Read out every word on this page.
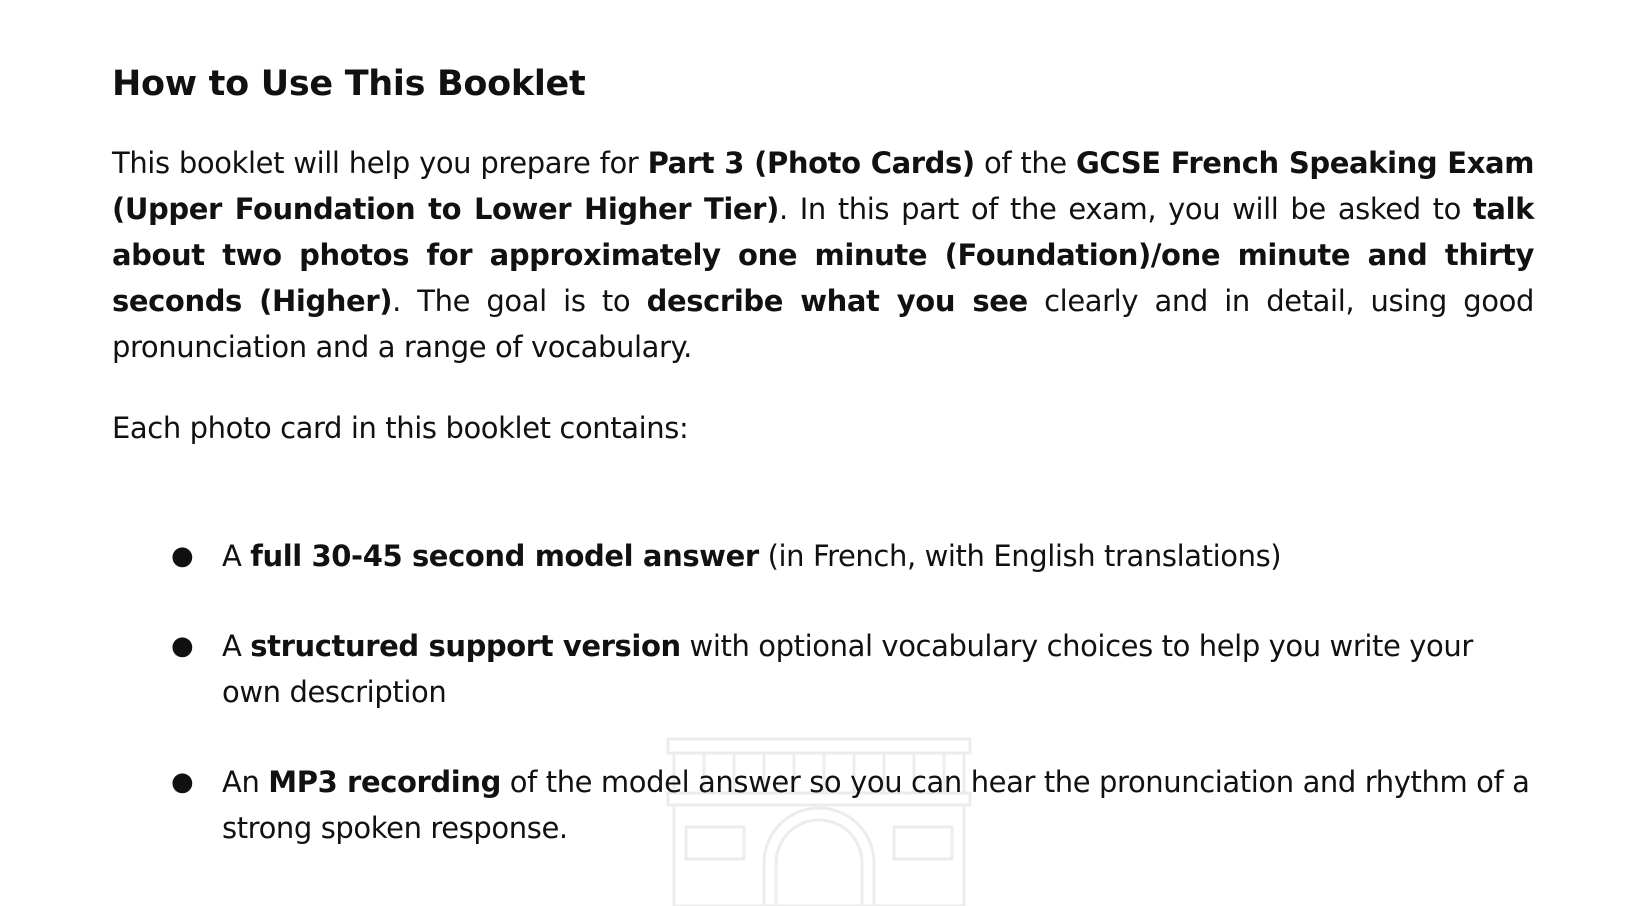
How to Use This Booklet

This booklet will help you prepare for Part 3 (Photo Cards) of the GCSE French Speaking Exam (Upper Foundation to Lower Higher Tier). In this part of the exam, you will be asked to talk about two photos for approximately one minute (Foundation)/one minute and thirty seconds (Higher). The goal is to describe what you see clearly and in detail, using good pronunciation and a range of vocabulary.

Each photo card in this booklet contains:

● A full 30-45 second model answer (in French, with English translations)
● A structured support version with optional vocabulary choices to help you write your own description
● An MP3 recording of the model answer so you can hear the pronunciation and rhythm of a strong spoken response.
